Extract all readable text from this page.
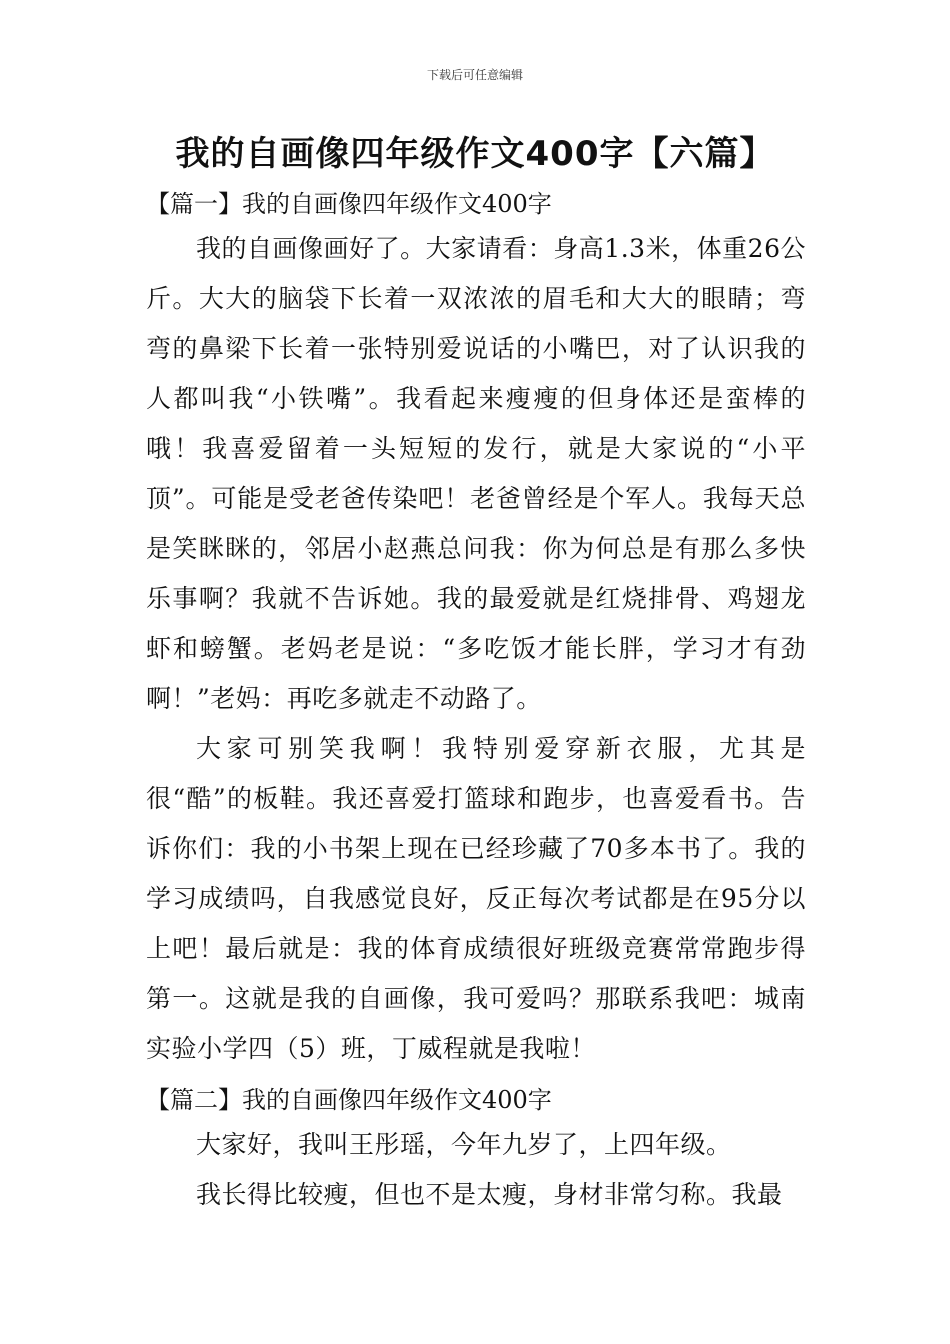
下载后可任意编辑
我的自画像四年级作文400字【六篇】
【篇一】我的自画像四年级作文400字

我的自画像画好了。大家请看：身高1.3米，体重26公斤。大大的脑袋下长着一双浓浓的眉毛和大大的眼睛；弯弯的鼻梁下长着一张特别爱说话的小嘴巴，对了认识我的人都叫我“小铁嘴”。我看起来瘦瘦的但身体还是蛮棒的哦！我喜爱留着一头短短的发行，就是大家说的“小平顶”。可能是受老爸传染吧！老爸曾经是个军人。我每天总是笑眯眯的，邻居小赵燕总问我：你为何总是有那么多快乐事啊？我就不告诉她。我的最爱就是红烧排骨、鸡翅龙虾和螃蟹。老妈老是说：“多吃饭才能长胖，学习才有劲啊！”老妈：再吃多就走不动路了。

大家可别笑我啊！我特别爱穿新衣服，尤其是很“酷”的板鞋。我还喜爱打篮球和跑步，也喜爱看书。告诉你们：我的小书架上现在已经珍藏了70多本书了。我的学习成绩吗，自我感觉良好，反正每次考试都是在95分以上吧！最后就是：我的体育成绩很好班级竞赛常常跑步得第一。这就是我的自画像，我可爱吗？那联系我吧：城南实验小学四（5）班，丁威程就是我啦！

【篇二】我的自画像四年级作文400字

大家好，我叫王彤瑶，今年九岁了，上四年级。

我长得比较瘦，但也不是太瘦，身材非常匀称。我最
